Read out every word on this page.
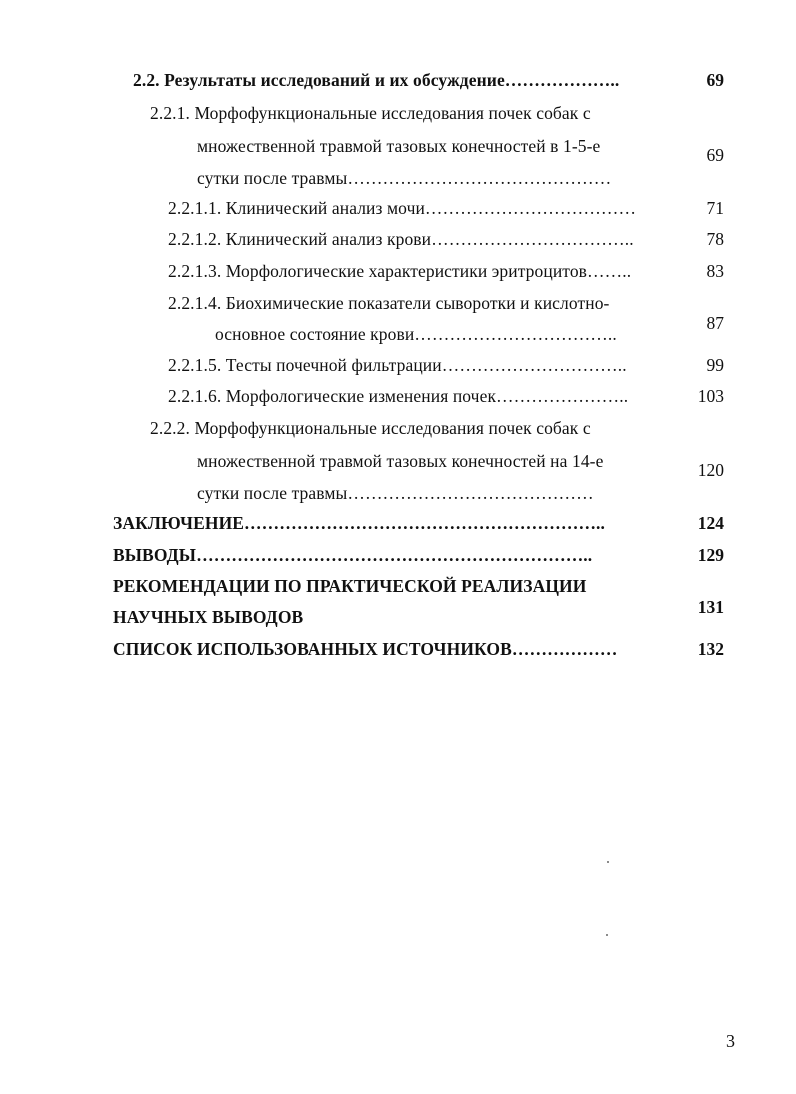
2.2. Результаты исследований и их обсуждение………………..	69
2.2.1. Морфофункциональные исследования почек собак с
множественной травмой тазовых конечностей в 1-5-е
сутки после травмы………………………………………
69
2.2.1.1. Клинический анализ мочи………………………………	71
2.2.1.2. Клинический анализ крови……………………………..	78
2.2.1.3. Морфологические характеристики эритроцитов……..	83
2.2.1.4. Биохимические показатели сыворотки и кислотно-
основное состояние крови……………………………..
87
2.2.1.5. Тесты почечной фильтрации…………………………..	99
2.2.1.6. Морфологические изменения почек…………………..	103
2.2.2. Морфофункциональные исследования почек собак с
множественной травмой тазовых конечностей на 14-е
сутки после травмы……………………………………
120
ЗАКЛЮЧЕНИЕ……………………………………………………..	124
ВЫВОДЫ…………………………………………………………..	129
РЕКОМЕНДАЦИИ ПО ПРАКТИЧЕСКОЙ РЕАЛИЗАЦИИ
НАУЧНЫХ ВЫВОДОВ	131
СПИСОК ИСПОЛЬЗОВАННЫХ ИСТОЧНИКОВ………………	132
3
